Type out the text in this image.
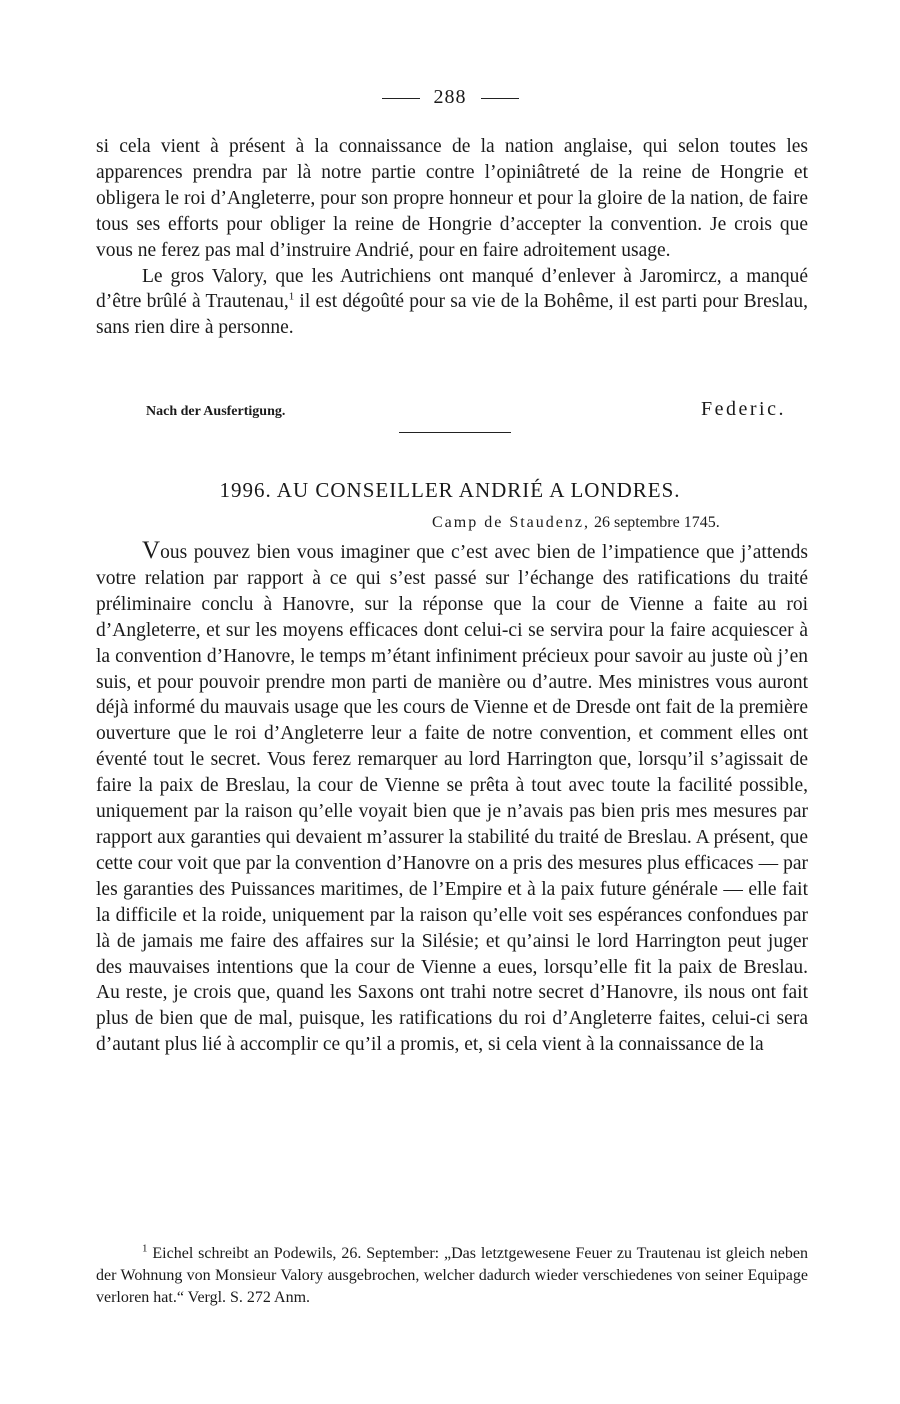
288

si cela vient à présent à la connaissance de la nation anglaise, qui selon toutes les apparences prendra par là notre partie contre l’opiniâtreté de la reine de Hongrie et obligera le roi d’Angleterre, pour son propre honneur et pour la gloire de la nation, de faire tous ses efforts pour obliger la reine de Hongrie d’accepter la convention. Je crois que vous ne ferez pas mal d’instruire Andrié, pour en faire adroitement usage.

Le gros Valory, que les Autrichiens ont manqué d’enlever à Jaromircz, a manqué d’être brûlé à Trautenau,$^1$ il est dégoûté pour sa vie de la Bohême, il est parti pour Breslau, sans rien dire à personne.

Nach der Ausfertigung.	Federic.
1996. AU CONSEILLER ANDRIÉ A LONDRES.
Camp de Staudenz, 26 septembre 1745.

Vous pouvez bien vous imaginer que c’est avec bien de l’impatience que j’attends votre relation par rapport à ce qui s’est passé sur l’échange des ratifications du traité préliminaire conclu à Hanovre, sur la réponse que la cour de Vienne a faite au roi d’Angleterre, et sur les moyens efficaces dont celui-ci se servira pour la faire acquiescer à la convention d’Hanovre, le temps m’étant infiniment précieux pour savoir au juste où j’en suis, et pour pouvoir prendre mon parti de manière ou d’autre. Mes ministres vous auront déjà informé du mauvais usage que les cours de Vienne et de Dresde ont fait de la première ouverture que le roi d’Angleterre leur a faite de notre convention, et comment elles ont éventé tout le secret. Vous ferez remarquer au lord Harrington que, lorsqu’il s’agissait de faire la paix de Breslau, la cour de Vienne se prêta à tout avec toute la facilité possible, uniquement par la raison qu’elle voyait bien que je n’avais pas bien pris mes mesures par rapport aux garanties qui devaient m’assurer la stabilité du traité de Breslau. A présent, que cette cour voit que par la convention d’Hanovre on a pris des mesures plus efficaces — par les garanties des Puissances maritimes, de l’Empire et à la paix future générale — elle fait la difficile et la roide, uniquement par la raison qu’elle voit ses espérances confondues par là de jamais me faire des affaires sur la Silésie; et qu’ainsi le lord Harrington peut juger des mauvaises intentions que la cour de Vienne a eues, lorsqu’elle fit la paix de Breslau. Au reste, je crois que, quand les Saxons ont trahi notre secret d’Hanovre, ils nous ont fait plus de bien que de mal, puisque, les ratifications du roi d’Angleterre faites, celui-ci sera d’autant plus lié à accomplir ce qu’il a promis, et, si cela vient à la connaissance de la

$^1$ Eichel schreibt an Podewils, 26. September: „Das letztgewesene Feuer zu Trautenau ist gleich neben der Wohnung von Monsieur Valory ausgebrochen, welcher dadurch wieder verschiedenes von seiner Equipage verloren hat.“ Vergl. S. 272 Anm.
